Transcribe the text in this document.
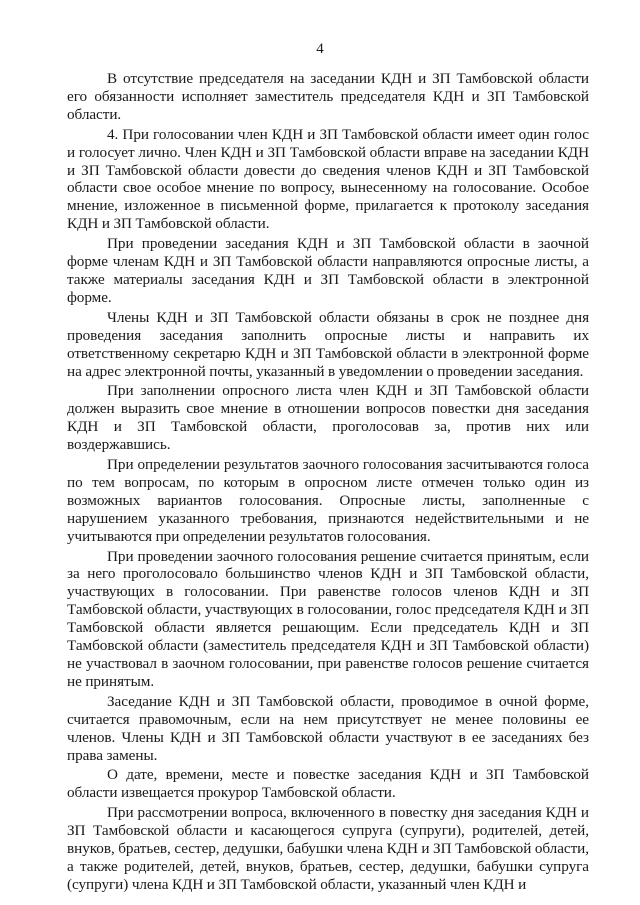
4

В отсутствие председателя на заседании КДН и ЗП Тамбовской области его обязанности исполняет заместитель председателя КДН и ЗП Тамбовской области.

4. При голосовании член КДН и ЗП Тамбовской области имеет один голос и голосует лично. Член КДН и ЗП Тамбовской области вправе на заседании КДН и ЗП Тамбовской области довести до сведения членов КДН и ЗП Тамбовской области свое особое мнение по вопросу, вынесенному на голосование. Особое мнение, изложенное в письменной форме, прилагается к протоколу заседания КДН и ЗП Тамбовской области.

При проведении заседания КДН и ЗП Тамбовской области в заочной форме членам КДН и ЗП Тамбовской области направляются опросные листы, а также материалы заседания КДН и ЗП Тамбовской области в электронной форме.

Члены КДН и ЗП Тамбовской области обязаны в срок не позднее дня проведения заседания заполнить опросные листы и направить их ответственному секретарю КДН и ЗП Тамбовской области в электронной форме на адрес электронной почты, указанный в уведомлении о проведении заседания.

При заполнении опросного листа член КДН и ЗП Тамбовской области должен выразить свое мнение в отношении вопросов повестки дня заседания КДН и ЗП Тамбовской области, проголосовав за, против них или воздержавшись.

При определении результатов заочного голосования засчитываются голоса по тем вопросам, по которым в опросном листе отмечен только один из возможных вариантов голосования. Опросные листы, заполненные с нарушением указанного требования, признаются недействительными и не учитываются при определении результатов голосования.

При проведении заочного голосования решение считается принятым, если за него проголосовало большинство членов КДН и ЗП Тамбовской области, участвующих в голосовании. При равенстве голосов членов КДН и ЗП Тамбовской области, участвующих в голосовании, голос председателя КДН и ЗП Тамбовской области является решающим. Если председатель КДН и ЗП Тамбовской области (заместитель председателя КДН и ЗП Тамбовской области) не участвовал в заочном голосовании, при равенстве голосов решение считается не принятым.

Заседание КДН и ЗП Тамбовской области, проводимое в очной форме, считается правомочным, если на нем присутствует не менее половины ее членов. Члены КДН и ЗП Тамбовской области участвуют в ее заседаниях без права замены.

О дате, времени, месте и повестке заседания КДН и ЗП Тамбовской области извещается прокурор Тамбовской области.

При рассмотрении вопроса, включенного в повестку дня заседания КДН и ЗП Тамбовской области и касающегося супруга (супруги), родителей, детей, внуков, братьев, сестер, дедушки, бабушки члена КДН и ЗП Тамбовской области, а также родителей, детей, внуков, братьев, сестер, дедушки, бабушки супруга (супруги) члена КДН и ЗП Тамбовской области, указанный член КДН и
